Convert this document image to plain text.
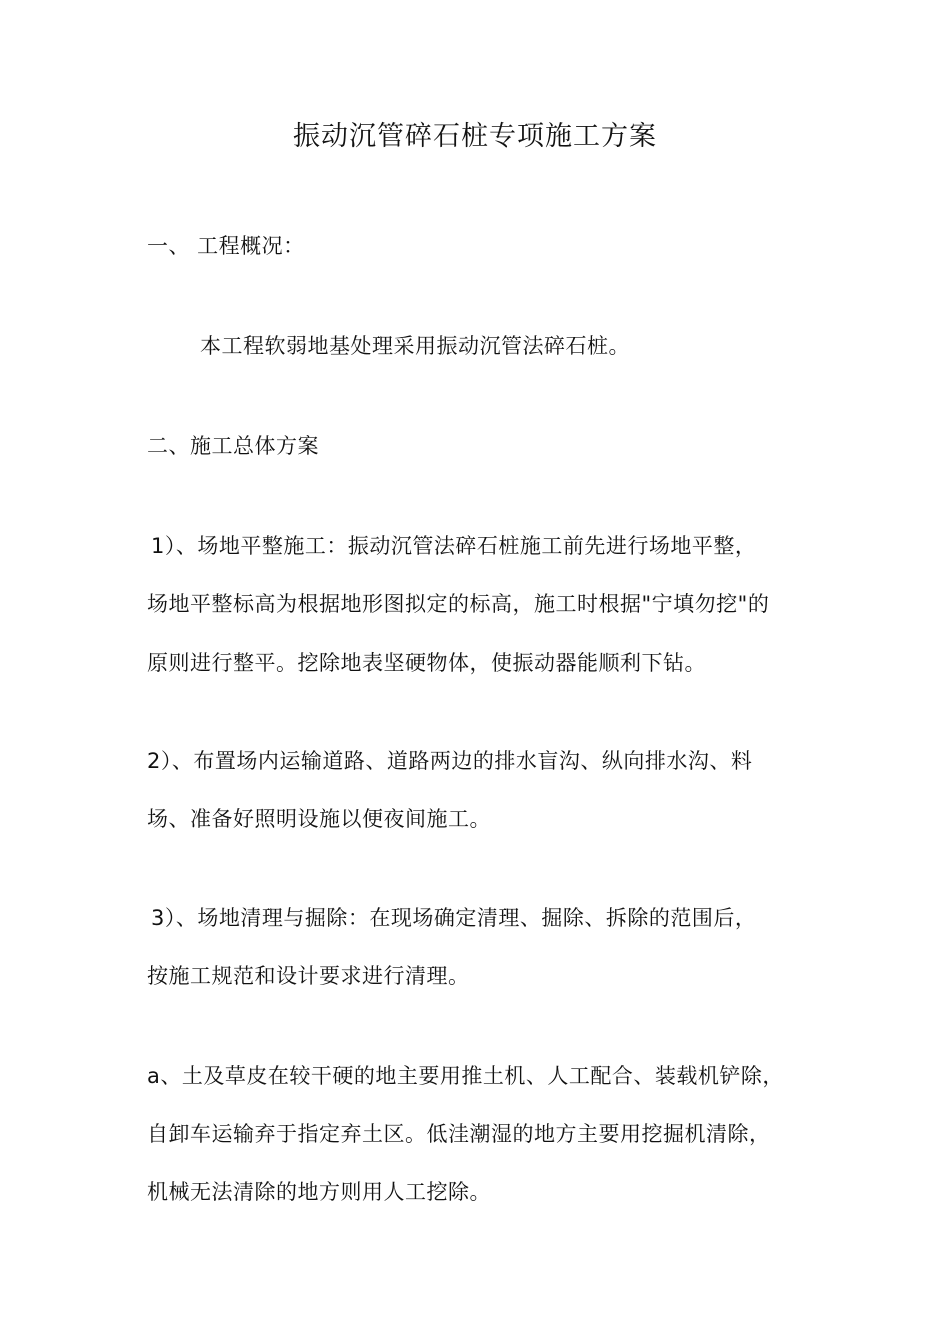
振动沉管碎石桩专项施工方案
一、 工程概况：
本工程软弱地基处理采用振动沉管法碎石桩。
二、施工总体方案
1）、场地平整施工：振动沉管法碎石桩施工前先进行场地平整，
场地平整标高为根据地形图拟定的标高，施工时根据"宁填勿挖"的
原则进行整平。挖除地表坚硬物体，使振动器能顺利下钻。
2）、布置场内运输道路、道路两边的排水盲沟、纵向排水沟、料
场、准备好照明设施以便夜间施工。
3）、场地清理与掘除：在现场确定清理、掘除、拆除的范围后，
按施工规范和设计要求进行清理。
a、土及草皮在较干硬的地主要用推土机、人工配合、装载机铲除，
自卸车运输弃于指定弃土区。低洼潮湿的地方主要用挖掘机清除，
机械无法清除的地方则用人工挖除。
